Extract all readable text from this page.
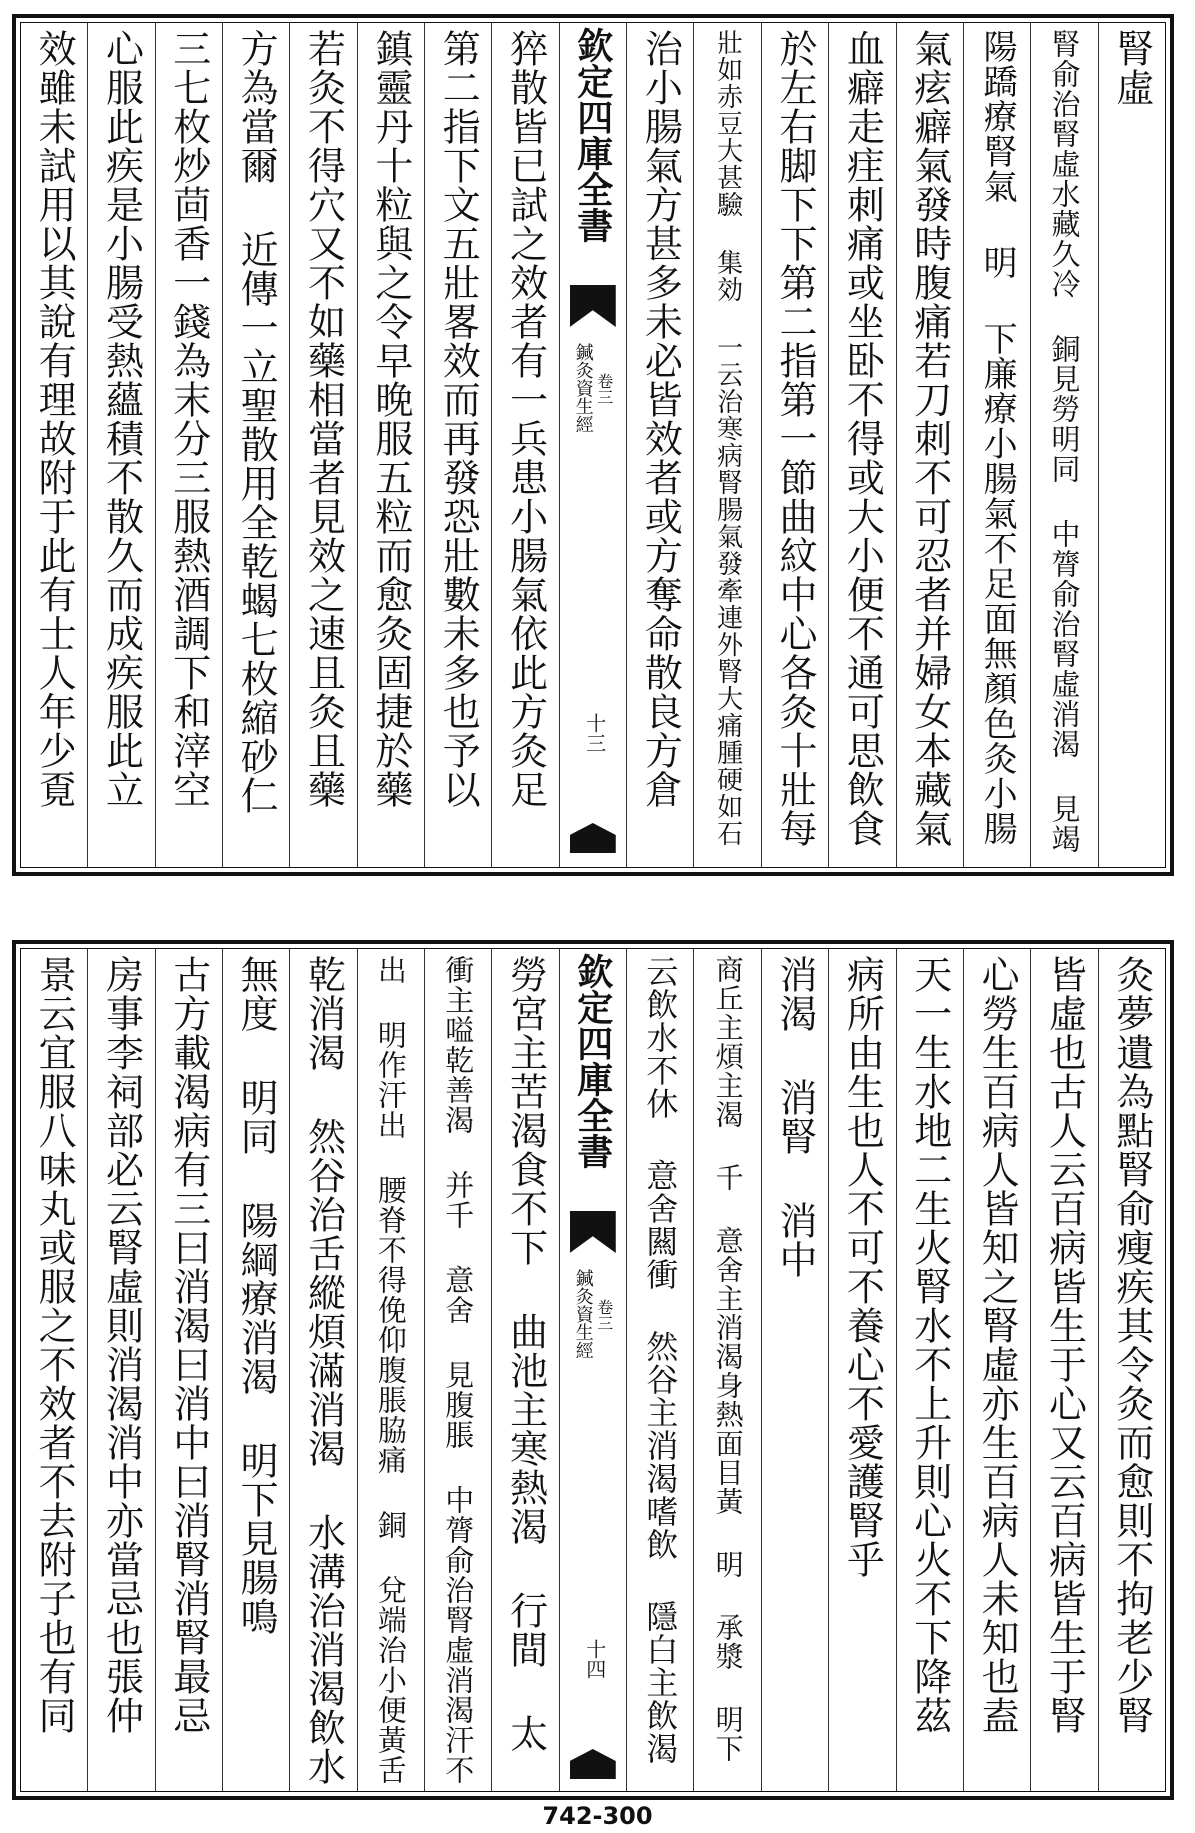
腎虛
腎俞治腎虛水藏久冷 銅見勞明同 中膂俞治腎虛消渴 見竭
陽蹻療腎氣 明 下廉療小腸氣不足面無顏色灸小腸
氣痃癖氣發時腹痛若刀刺不可忍者并婦女本藏氣
血癖走疰刺痛或坐卧不得或大小便不通可思飲食
於左右脚下下第二指第一節曲紋中心各灸十壯每
壯如赤豆大甚驗 集効 一云治寒病腎腸氣發牽連外腎大痛腫硬如石
治小腸氣方甚多未必皆效者或方奪命散良方倉
欽定四庫全書
鍼灸資生經 卷三
十三
猝散皆已試之效者有一兵患小腸氣依此方灸足
第二指下文五壯畧效而再發恐壯數未多也予以
鎮靈丹十粒與之令早晚服五粒而愈灸固捷於藥
若灸不得穴又不如藥相當者見效之速且灸且藥
方為當爾 近傳一立聖散用全乾蝎七枚縮砂仁
三七枚炒茴香一錢為末分三服熱酒調下和滓空
心服此疾是小腸受熱蘊積不散久而成疾服此立
效雖未試用以其說有理故附于此有士人年少覔
灸夢遺為點腎俞瘦疾其令灸而愈則不拘老少腎
皆虛也古人云百病皆生于心又云百病皆生于腎
心勞生百病人皆知之腎虛亦生百病人未知也盍
天一生水地二生火腎水不上升則心火不下降茲
病所由生也人不可不養心不愛護腎乎
消渴 消腎 消中
商丘主煩主渴 千 意舍主消渴身熱面目黃 明 承漿 明下
云飲水不休 意舍闗衝 然谷主消渴嗜飲 隱白主飲渴
欽定四庫全書
鍼灸資生經 卷三
十四
勞宮主苦渴食不下 曲池主寒熱渴 行間 太
衝主嗌乾善渴 并千 意舍 見腹脹 中膂俞治腎虛消渴汗不
出 明作汗出 腰脊不得俛仰腹脹脇痛 銅 兌端治小便黃舌
乾消渴 然谷治舌縱煩滿消渴 水溝治消渴飲水
無度 明同 陽綱療消渴 明下見腸鳴
古方載渴病有三曰消渴曰消中曰消腎消腎最忌
房事李祠部必云腎虛則消渴消中亦當忌也張仲
景云宜服八味丸或服之不效者不去附子也有同
742-300
